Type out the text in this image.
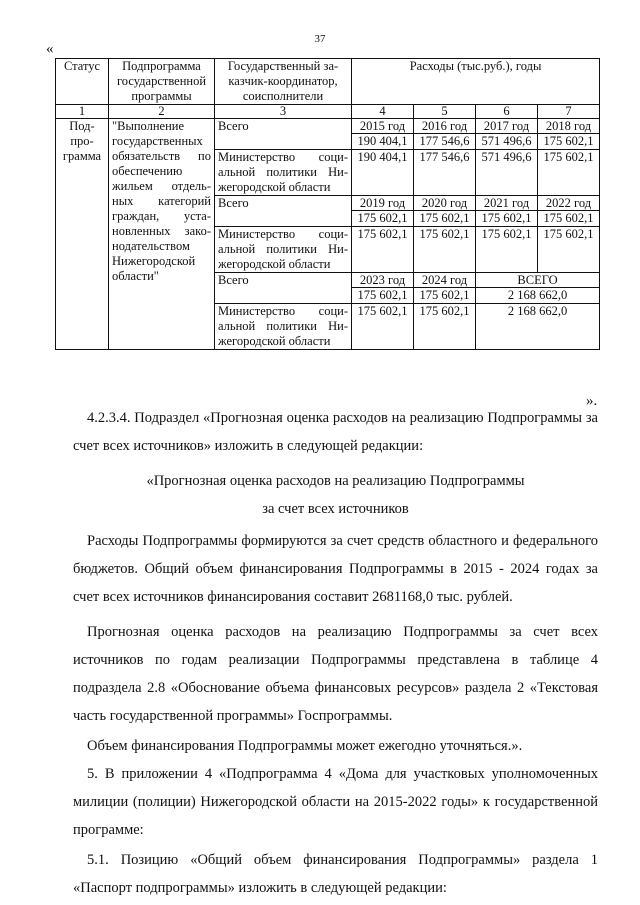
37
«
Статус	Подпрограмма государственной программы	Государственный за-казчик-координатор, соисполнители	Расходы (тыс.руб.), годы			
1	2	3	4	5	6	7
Под-про-грамма	"Выполнение государственных обязательств по обеспечению жильем отдель-ных категорий граждан, уста-новленных зако-нодательством Нижегородской области"	Всего	2015 год	2016 год	2017 год	2018 год
			190 404,1	177 546,6	571 496,6	175 602,1
		Министерство соци-альной политики Ни-жегородской области	190 404,1	177 546,6	571 496,6	175 602,1
		Всего	2019 год	2020 год	2021 год	2022 год
			175 602,1	175 602,1	175 602,1	175 602,1
		Министерство соци-альной политики Ни-жегородской области	175 602,1	175 602,1	175 602,1	175 602,1
		Всего	2023 год	2024 год	ВСЕГО	
			175 602,1	175 602,1	2 168 662,0	
		Министерство соци-альной политики Ни-жегородской области	175 602,1	175 602,1	2 168 662,0	
».

4.2.3.4. Подраздел «Прогнозная оценка расходов на реализацию Подпрограммы за счет всех источников» изложить в следующей редакции:

«Прогнозная оценка расходов на реализацию Подпрограммы

за счет всех источников

Расходы Подпрограммы формируются за счет средств областного и федерального бюджетов. Общий объем финансирования Подпрограммы в 2015 - 2024 годах за счет всех источников финансирования составит 2681168,0 тыс. рублей.

Прогнозная оценка расходов на реализацию Подпрограммы за счет всех источников по годам реализации Подпрограммы представлена в таблице 4 подраздела 2.8 «Обоснование объема финансовых ресурсов» раздела 2 «Текстовая часть государственной программы» Госпрограммы.

Объем финансирования Подпрограммы может ежегодно уточняться.».

5. В приложении 4 «Подпрограмма 4 «Дома для участковых уполномоченных милиции (полиции) Нижегородской области на 2015-2022 годы» к государственной программе:

5.1. Позицию «Общий объем финансирования Подпрограммы» раздела 1 «Паспорт подпрограммы» изложить в следующей редакции:
